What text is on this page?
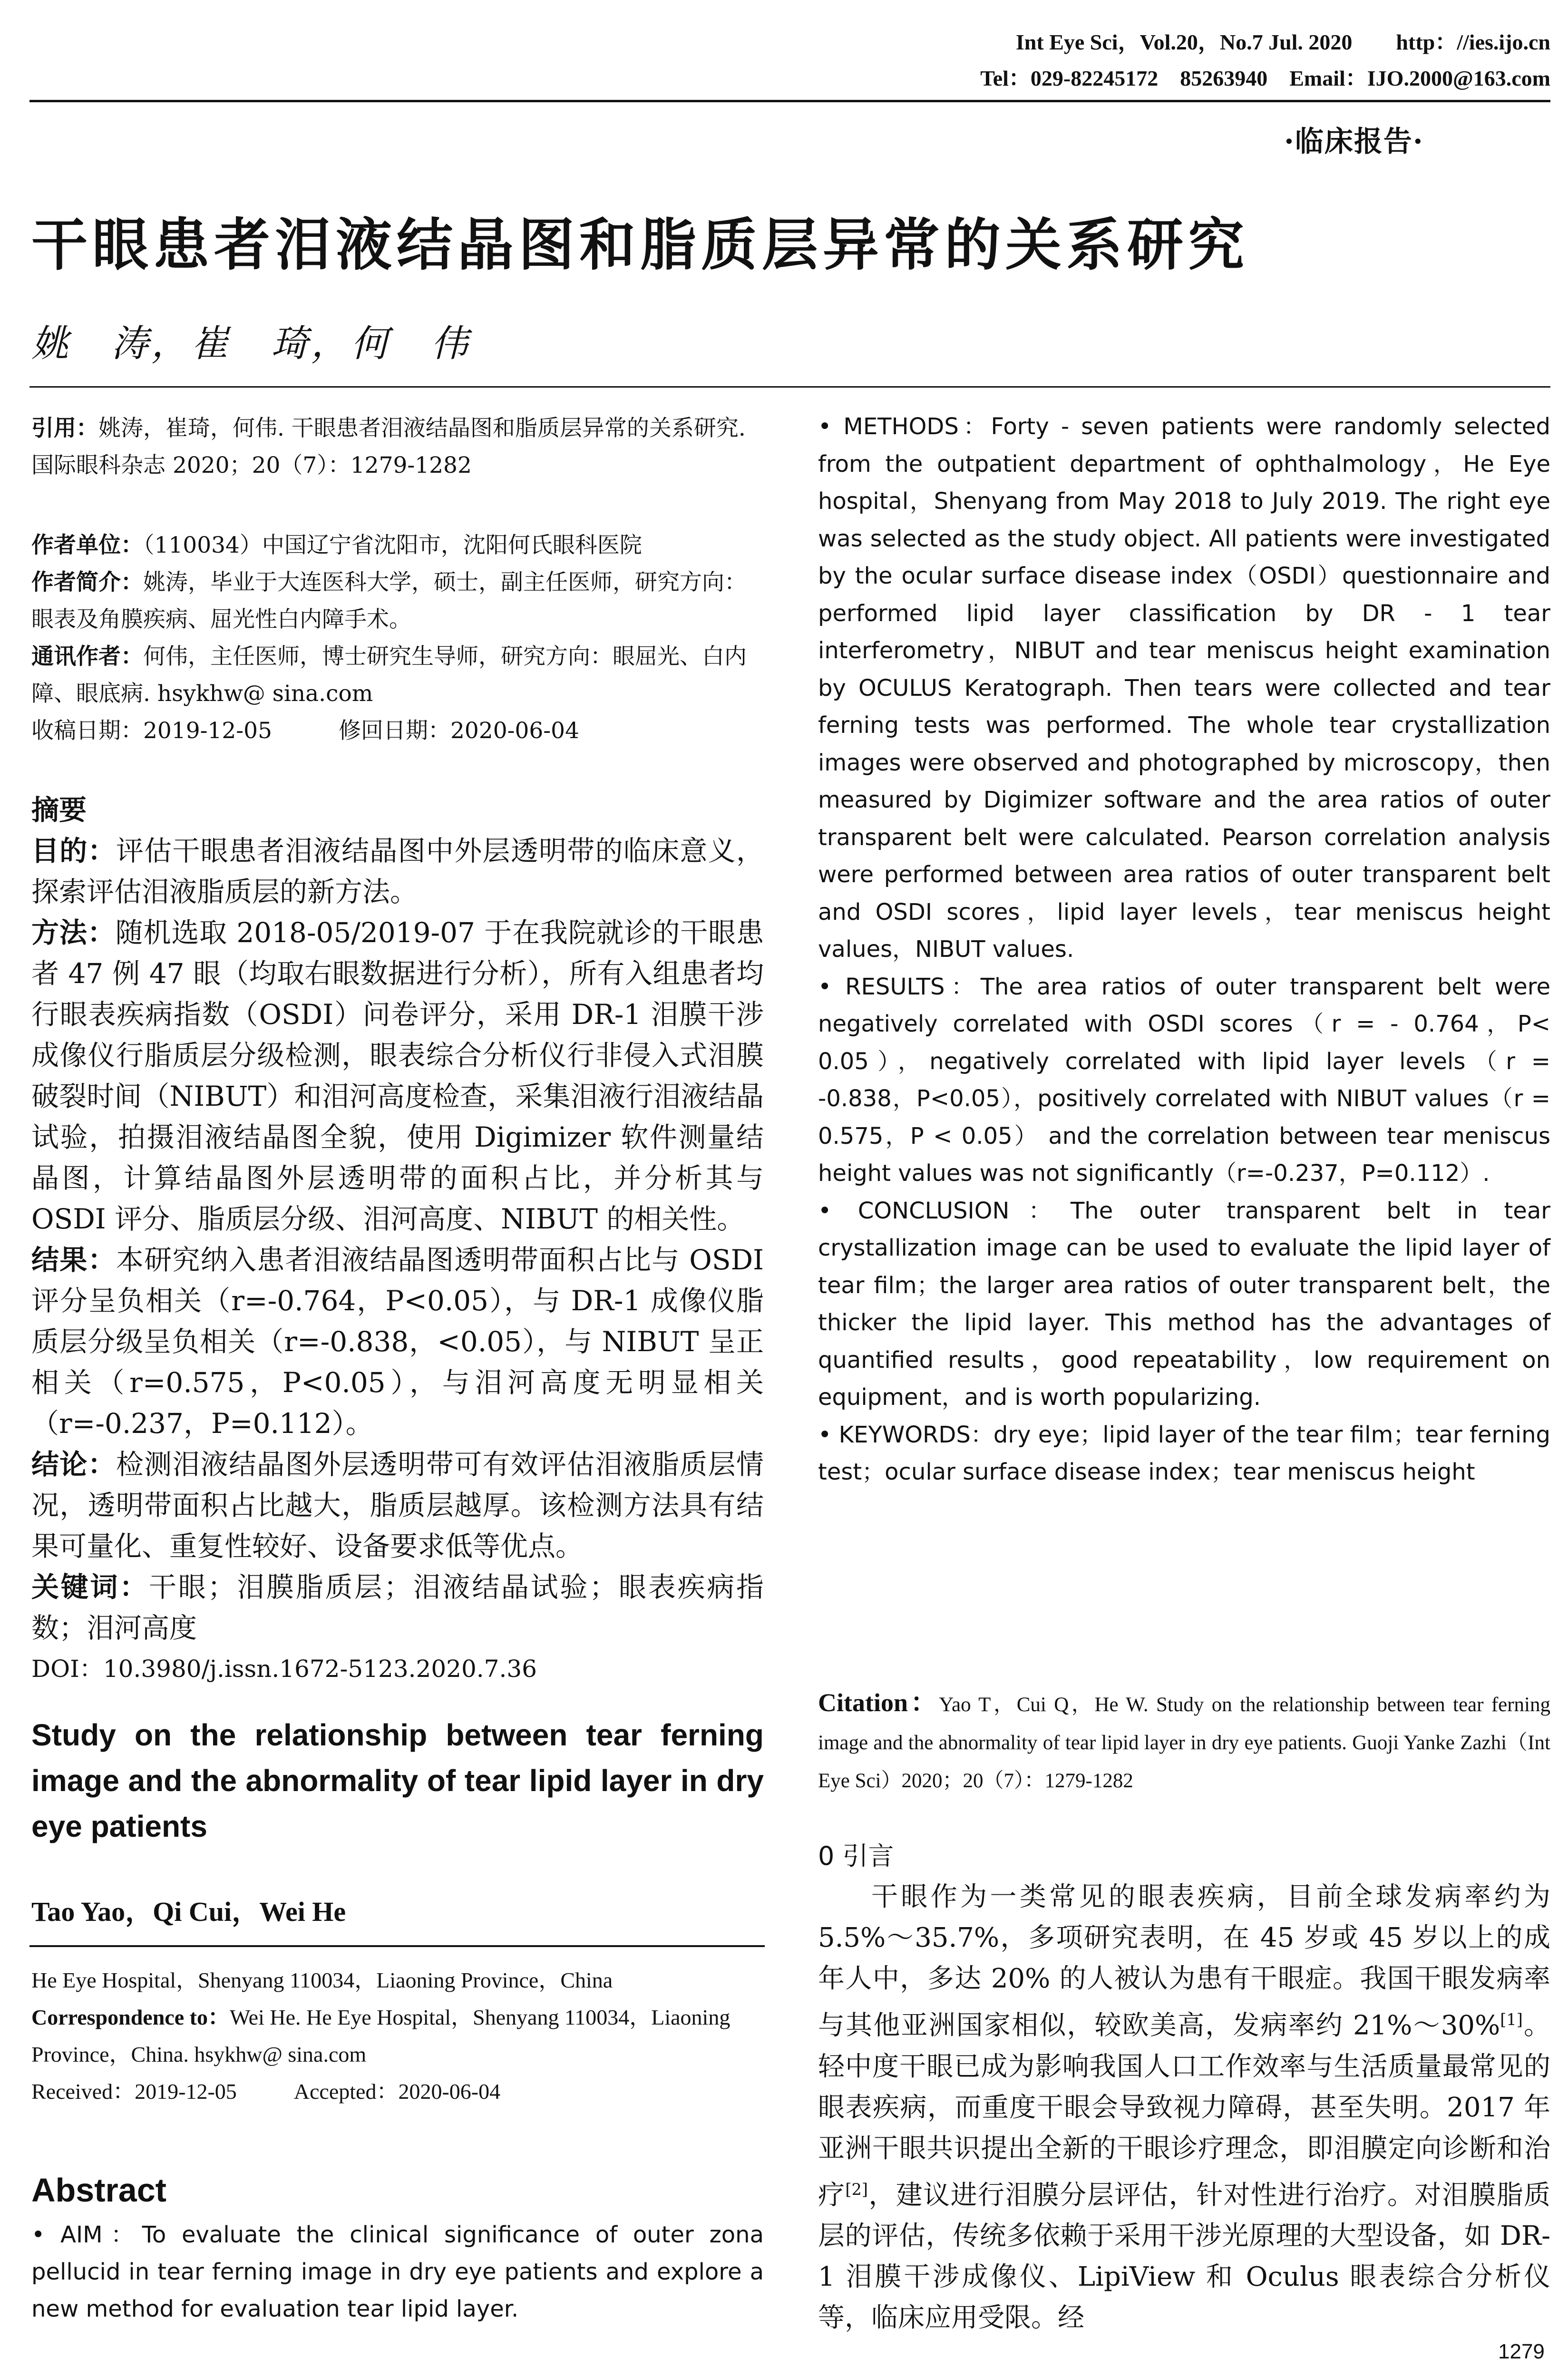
Int Eye Sci，Vol.20，No.7 Jul. 2020        http：//ies.ijo.cn
Tel：029-82245172    85263940    Email：IJO.2000@163.com
·临床报告·
干眼患者泪液结晶图和脂质层异常的关系研究
姚　涛，崔　琦，何　伟
引用：姚涛，崔琦，何伟. 干眼患者泪液结晶图和脂质层异常的关系研究.国际眼科杂志 2020；20（7）：1279-1282
作者单位：（110034）中国辽宁省沈阳市，沈阳何氏眼科医院
作者简介：姚涛，毕业于大连医科大学，硕士，副主任医师，研究方向：眼表及角膜疾病、屈光性白内障手术。
通讯作者：何伟，主任医师，博士研究生导师，研究方向：眼屈光、白内障、眼底病. hsykhw@ sina.com
收稿日期：2019-12-05	修回日期：2020-06-04

摘要

目的：评估干眼患者泪液结晶图中外层透明带的临床意义，探索评估泪液脂质层的新方法。

方法：随机选取 2018-05/2019-07 于在我院就诊的干眼患者 47 例 47 眼（均取右眼数据进行分析），所有入组患者均行眼表疾病指数（OSDI）问卷评分，采用 DR-1 泪膜干涉成像仪行脂质层分级检测，眼表综合分析仪行非侵入式泪膜破裂时间（NIBUT）和泪河高度检查，采集泪液行泪液结晶试验，拍摄泪液结晶图全貌，使用 Digimizer 软件测量结晶图，计算结晶图外层透明带的面积占比，并分析其与 OSDI 评分、脂质层分级、泪河高度、NIBUT 的相关性。

结果：本研究纳入患者泪液结晶图透明带面积占比与 OSDI 评分呈负相关（r=-0.764，P<0.05），与 DR-1 成像仪脂质层分级呈负相关（r=-0.838，<0.05），与 NIBUT 呈正相关（r=0.575，P<0.05），与泪河高度无明显相关（r=-0.237，P=0.112）。

结论：检测泪液结晶图外层透明带可有效评估泪液脂质层情况，透明带面积占比越大，脂质层越厚。该检测方法具有结果可量化、重复性较好、设备要求低等优点。

关键词：干眼；泪膜脂质层；泪液结晶试验；眼表疾病指数；泪河高度

DOI：10.3980/j.issn.1672-5123.2020.7.36

Study on the relationship between tear ferning image and the abnormality of tear lipid layer in dry eye patients
Tao Yao，Qi Cui，Wei He
He Eye Hospital，Shenyang 110034，Liaoning Province，China
Correspondence to：Wei He. He Eye Hospital，Shenyang 110034，Liaoning Province，China. hsykhw@ sina.com
Received：2019-12-05	Accepted：2020-06-04
Abstract
• AIM：To evaluate the clinical significance of outer zona pellucid in tear ferning image in dry eye patients and explore a new method for evaluation tear lipid layer.

• METHODS：Forty - seven patients were randomly selected from the outpatient department of ophthalmology，He Eye hospital，Shenyang from May 2018 to July 2019. The right eye was selected as the study object. All patients were investigated by the ocular surface disease index（OSDI）questionnaire and performed lipid layer classification by DR - 1 tear interferometry，NIBUT and tear meniscus height examination by OCULUS Keratograph. Then tears were collected and tear ferning tests was performed. The whole tear crystallization images were observed and photographed by microscopy，then measured by Digimizer software and the area ratios of outer transparent belt were calculated. Pearson correlation analysis were performed between area ratios of outer transparent belt and OSDI scores，lipid layer levels，tear meniscus height values，NIBUT values.

• RESULTS：The area ratios of outer transparent belt were negatively correlated with OSDI scores（r = - 0.764，P< 0.05），negatively correlated with lipid layer levels（r = -0.838，P<0.05），positively correlated with NIBUT values（r = 0.575，P < 0.05） and the correlation between tear meniscus height values was not significantly（r=-0.237，P=0.112）.

• CONCLUSION：The outer transparent belt in tear crystallization image can be used to evaluate the lipid layer of tear film；the larger area ratios of outer transparent belt，the thicker the lipid layer. This method has the advantages of quantified results，good repeatability，low requirement on equipment，and is worth popularizing.

• KEYWORDS：dry eye；lipid layer of the tear film；tear ferning test；ocular surface disease index；tear meniscus height

Citation：Yao T，Cui Q，He W. Study on the relationship between tear ferning image and the abnormality of tear lipid layer in dry eye patients. Guoji Yanke Zazhi（Int Eye Sci）2020；20（7）：1279-1282
0 引言
干眼作为一类常见的眼表疾病，目前全球发病率约为 5.5%～35.7%，多项研究表明，在 45 岁或 45 岁以上的成年人中，多达 20% 的人被认为患有干眼症。我国干眼发病率与其他亚洲国家相似，较欧美高，发病率约 21%～30%[1]。轻中度干眼已成为影响我国人口工作效率与生活质量最常见的眼表疾病，而重度干眼会导致视力障碍，甚至失明。2017 年亚洲干眼共识提出全新的干眼诊疗理念，即泪膜定向诊断和治疗[2]，建议进行泪膜分层评估，针对性进行治疗。对泪膜脂质层的评估，传统多依赖于采用干涉光原理的大型设备，如 DR-1 泪膜干涉成像仪、LipiView 和 Oculus 眼表综合分析仪等，临床应用受限。经
1279
